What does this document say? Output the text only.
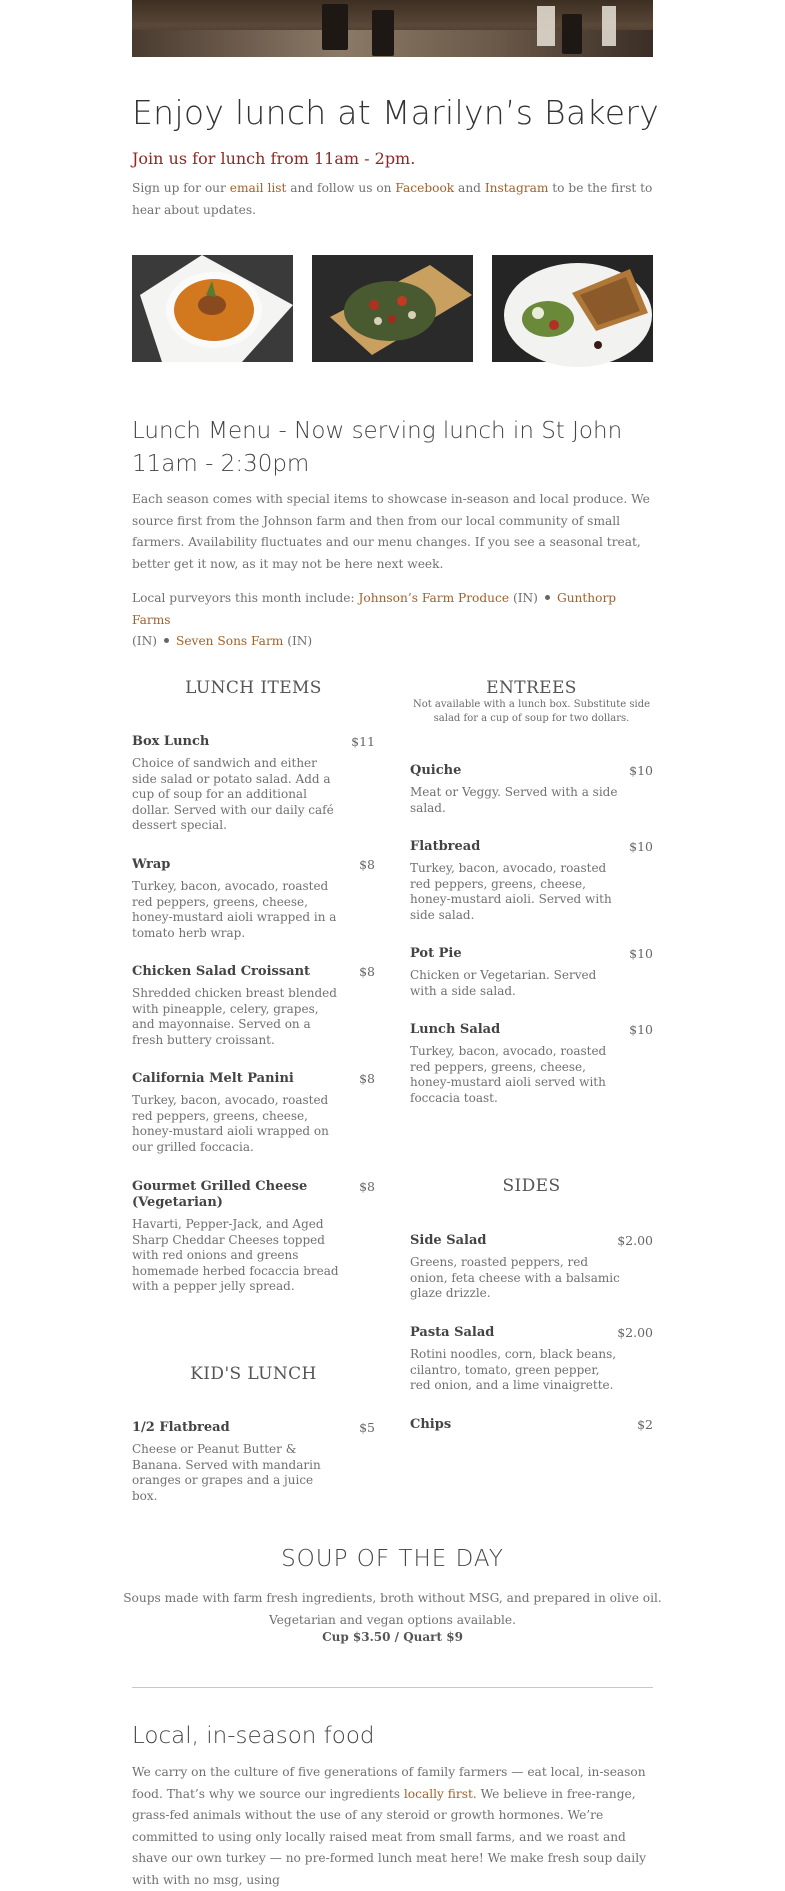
Enjoy lunch at Marilyn’s Bakery
Join us for lunch from 11am - 2pm.

Sign up for our email list and follow us on Facebook and Instagram to be the first to hear about updates.

Lunch Menu - Now serving lunch in St John 11am - 2:30pm

Each season comes with special items to showcase in-season and local produce. We source first from the Johnson farm and then from our local community of small farmers. Availability fluctuates and our menu changes. If you see a seasonal treat, better get it now, as it may not be here next week.

Local purveyors this month include: Johnson’s Farm Produce (IN) Gunthorp Farms
(IN) Seven Sons Farm (IN)

LUNCH ITEMS
Box Lunch	$11
Choice of sandwich and either side salad or potato salad. Add a cup of soup for an additional dollar. Served with our daily café dessert special.
Wrap	$8
Turkey, bacon, avocado, roasted red peppers, greens, cheese, honey-mustard aioli wrapped in a tomato herb wrap.
Chicken Salad Croissant	$8
Shredded chicken breast blended with pineapple, celery, grapes, and mayonnaise. Served on a fresh buttery croissant.
California Melt Panini	$8
Turkey, bacon, avocado, roasted red peppers, greens, cheese, honey-mustard aioli wrapped on our grilled foccacia.
Gourmet Grilled Cheese (Vegetarian)
$8
Havarti, Pepper-Jack, and Aged Sharp Cheddar Cheeses topped with red onions and greens homemade herbed focaccia bread with a pepper jelly spread.
KID'S LUNCH
1/2 Flatbread	$5
Cheese or Peanut Butter & Banana. Served with mandarin oranges or grapes and a juice box.
ENTREES
Not available with a lunch box. Substitute side salad for a cup of soup for two dollars.
Quiche	$10
Meat or Veggy. Served with a side salad.
Flatbread	$10
Turkey, bacon, avocado, roasted red peppers, greens, cheese, honey-mustard aioli. Served with side salad.
Pot Pie	$10
Chicken or Vegetarian. Served with a side salad.
Lunch Salad	$10
Turkey, bacon, avocado, roasted red peppers, greens, cheese, honey-mustard aioli served with foccacia toast.
SIDES
Side Salad	$2.00
Greens, roasted peppers, red onion, feta cheese with a balsamic glaze drizzle.
Pasta Salad	$2.00
Rotini noodles, corn, black beans, cilantro, tomato, green pepper, red onion, and a lime vinaigrette.
Chips	$2
SOUP OF THE DAY

Soups made with farm fresh ingredients, broth without MSG, and prepared in olive oil. Vegetarian and vegan options available.

Cup $3.50 / Quart $9
Local, in-season food

We carry on the culture of five generations of family farmers — eat local, in-season food. That’s why we source our ingredients locally first. We believe in free-range, grass-fed animals without the use of any steroid or growth hormones. We’re committed to using only locally raised meat from small farms, and we roast and shave our own turkey — no pre-formed lunch meat here! We make fresh soup daily with with no msg, using
